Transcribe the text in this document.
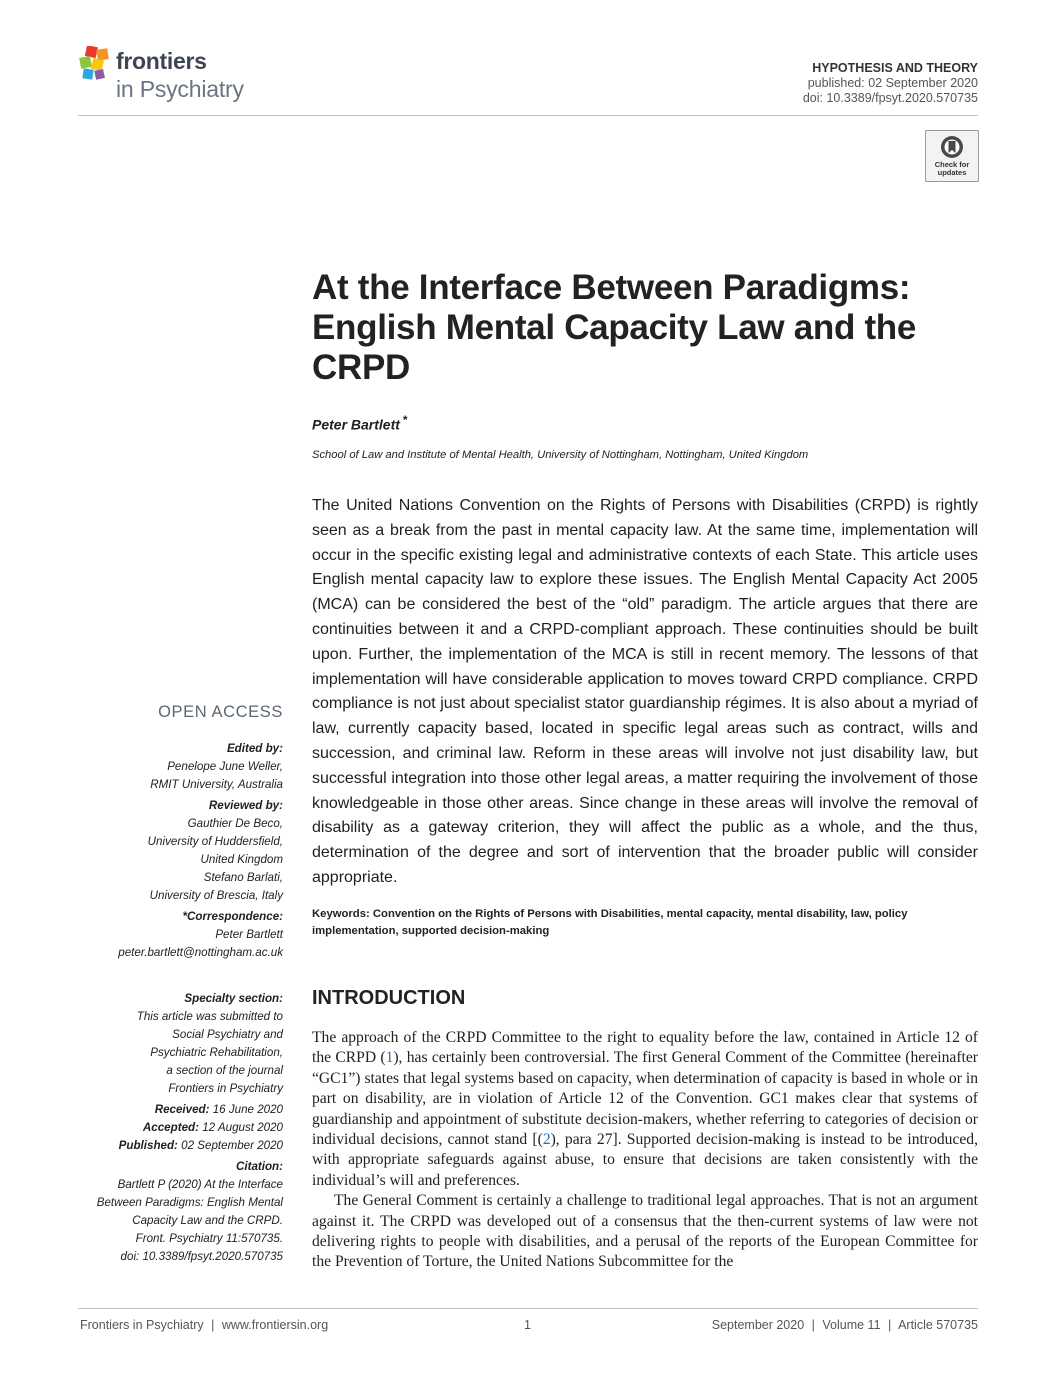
frontiers
in Psychiatry
HYPOTHESIS AND THEORY
published: 02 September 2020
doi: 10.3389/fpsyt.2020.570735
Check for
updates
At the Interface Between Paradigms: English Mental Capacity Law and the CRPD
Peter Bartlett *
School of Law and Institute of Mental Health, University of Nottingham, Nottingham, United Kingdom
The United Nations Convention on the Rights of Persons with Disabilities (CRPD) is rightly seen as a break from the past in mental capacity law. At the same time, implementation will occur in the specific existing legal and administrative contexts of each State. This article uses English mental capacity law to explore these issues. The English Mental Capacity Act 2005 (MCA) can be considered the best of the “old” paradigm. The article argues that there are continuities between it and a CRPD-compliant approach. These continuities should be built upon. Further, the implementation of the MCA is still in recent memory. The lessons of that implementation will have considerable application to moves toward CRPD compliance. CRPD compliance is not just about specialist stator guardianship régimes. It is also about a myriad of law, currently capacity based, located in specific legal areas such as contract, wills and succession, and criminal law. Reform in these areas will involve not just disability law, but successful integration into those other legal areas, a matter requiring the involvement of those knowledgeable in those other areas. Since change in these areas will involve the removal of disability as a gateway criterion, they will affect the public as a whole, and the thus, determination of the degree and sort of intervention that the broader public will consider appropriate.
Keywords: Convention on the Rights of Persons with Disabilities, mental capacity, mental disability, law, policy implementation, supported decision-making
OPEN ACCESS
Edited by:
Penelope June Weller,
RMIT University, Australia
Reviewed by:
Gauthier De Beco,
University of Huddersfield,
United Kingdom
Stefano Barlati,
University of Brescia, Italy
*Correspondence:
Peter Bartlett
peter.bartlett@nottingham.ac.uk
Specialty section:
This article was submitted to
Social Psychiatry and
Psychiatric Rehabilitation,
a section of the journal
Frontiers in Psychiatry
Received: 16 June 2020
Accepted: 12 August 2020
Published: 02 September 2020
Citation:
Bartlett P (2020) At the Interface
Between Paradigms: English Mental
Capacity Law and the CRPD.
Front. Psychiatry 11:570735.
doi: 10.3389/fpsyt.2020.570735
INTRODUCTION

The approach of the CRPD Committee to the right to equality before the law, contained in Article 12 of the CRPD (1), has certainly been controversial. The first General Comment of the Committee (hereinafter “GC1”) states that legal systems based on capacity, when determination of capacity is based in whole or in part on disability, are in violation of Article 12 of the Convention. GC1 makes clear that systems of guardianship and appointment of substitute decision-makers, whether referring to categories of decision or individual decisions, cannot stand [(2), para 27]. Supported decision-making is instead to be introduced, with appropriate safeguards against abuse, to ensure that decisions are taken consistently with the individual’s will and preferences.

The General Comment is certainly a challenge to traditional legal approaches. That is not an argument against it. The CRPD was developed out of a consensus that the then-current systems of law were not delivering rights to people with disabilities, and a perusal of the reports of the European Committee for the Prevention of Torture, the United Nations Subcommittee for the

Frontiers in Psychiatry | www.frontiersin.org	1	September 2020 | Volume 11 | Article 570735
